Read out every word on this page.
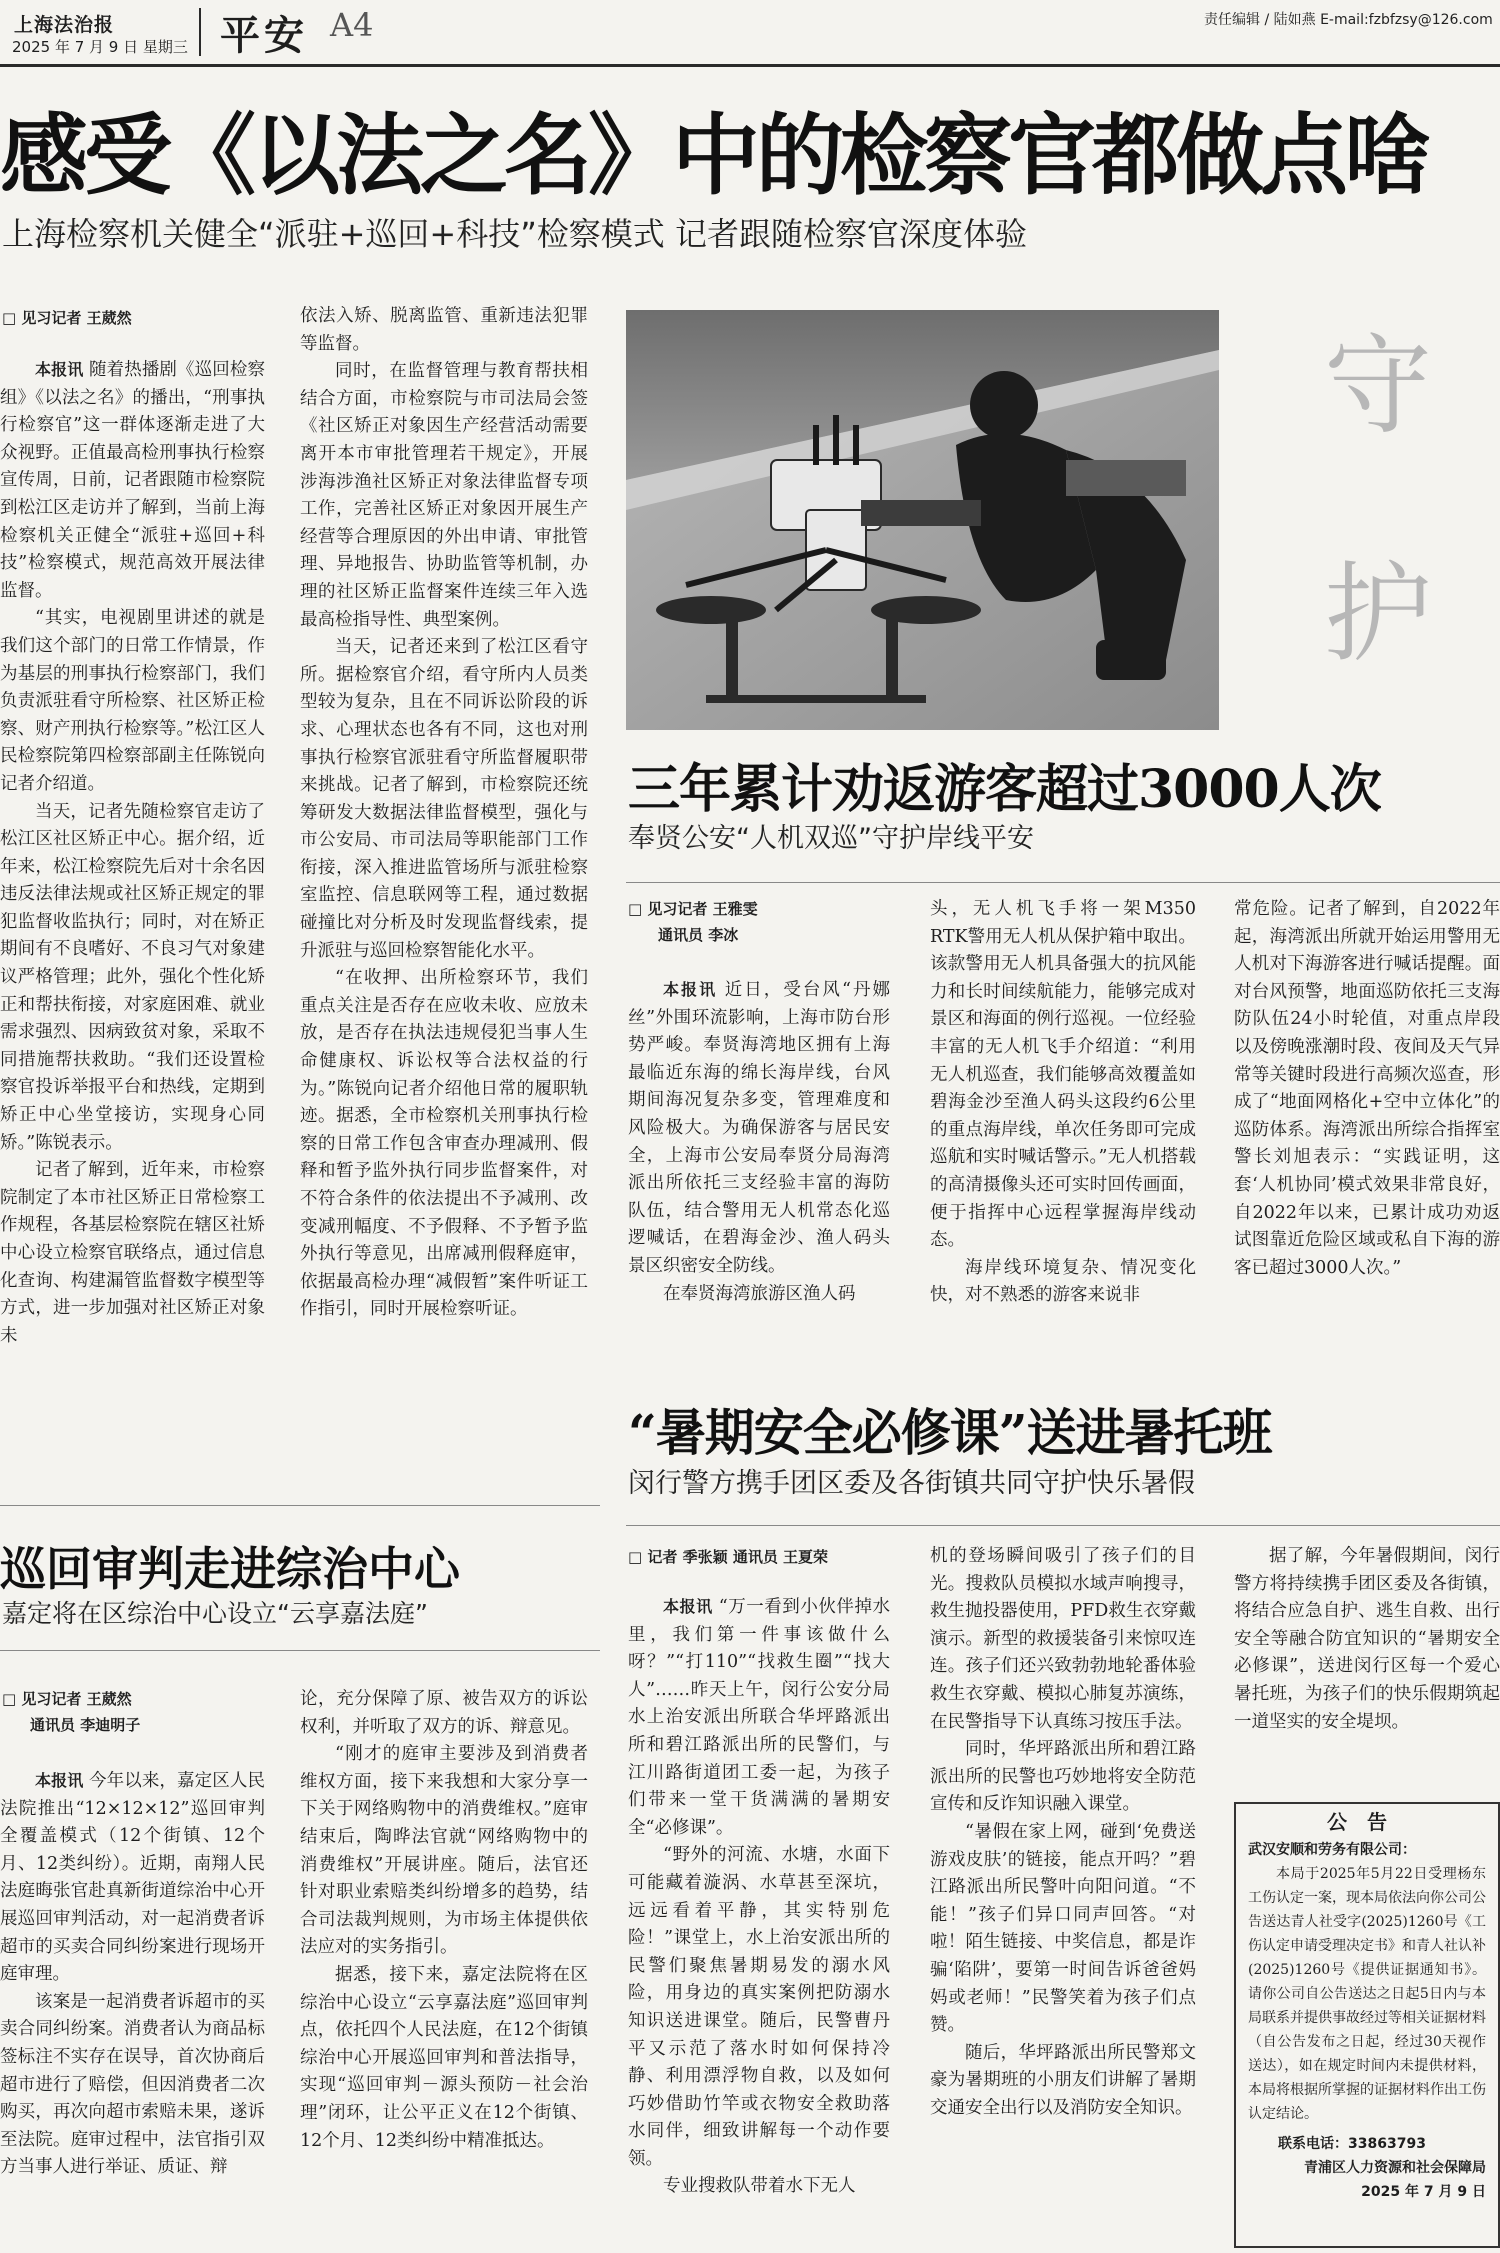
上海法治报
2025 年 7 月 9 日 星期三 平安 A4	责任编辑 / 陆如燕 E-mail:fzbfzsy@126.com
感受《以法之名》中的检察官都做点啥
上海检察机关健全“派驻+巡回+科技”检察模式 记者跟随检察官深度体验
□ 见习记者 王葳然

本报讯 随着热播剧《巡回检察组》《以法之名》的播出，“刑事执行检察官”这一群体逐渐走进了大众视野。正值最高检刑事执行检察宣传周，日前，记者跟随市检察院到松江区走访并了解到，当前上海检察机关正健全“派驻+巡回+科技”检察模式，规范高效开展法律监督。

“其实，电视剧里讲述的就是我们这个部门的日常工作情景，作为基层的刑事执行检察部门，我们负责派驻看守所检察、社区矫正检察、财产刑执行检察等。”松江区人民检察院第四检察部副主任陈锐向记者介绍道。

当天，记者先随检察官走访了松江区社区矫正中心。据介绍，近年来，松江检察院先后对十余名因违反法律法规或社区矫正规定的罪犯监督收监执行；同时，对在矫正期间有不良嗜好、不良习气对象建议严格管理；此外，强化个性化矫正和帮扶衔接，对家庭困难、就业需求强烈、因病致贫对象，采取不同措施帮扶救助。“我们还设置检察官投诉举报平台和热线，定期到矫正中心坐堂接访，实现身心同矫。”陈锐表示。

记者了解到，近年来，市检察院制定了本市社区矫正日常检察工作规程，各基层检察院在辖区社矫中心设立检察官联络点，通过信息化查询、构建漏管监督数字模型等方式，进一步加强对社区矫正对象未

依法入矫、脱离监管、重新违法犯罪等监督。

同时，在监督管理与教育帮扶相结合方面，市检察院与市司法局会签《社区矫正对象因生产经营活动需要离开本市审批管理若干规定》，开展涉海涉渔社区矫正对象法律监督专项工作，完善社区矫正对象因开展生产经营等合理原因的外出申请、审批管理、异地报告、协助监管等机制，办理的社区矫正监督案件连续三年入选最高检指导性、典型案例。

当天，记者还来到了松江区看守所。据检察官介绍，看守所内人员类型较为复杂，且在不同诉讼阶段的诉求、心理状态也各有不同，这也对刑事执行检察官派驻看守所监督履职带来挑战。记者了解到，市检察院还统筹研发大数据法律监督模型，强化与市公安局、市司法局等职能部门工作衔接，深入推进监管场所与派驻检察室监控、信息联网等工程，通过数据碰撞比对分析及时发现监督线索，提升派驻与巡回检察智能化水平。

“在收押、出所检察环节，我们重点关注是否存在应收未收、应放未放，是否存在执法违规侵犯当事人生命健康权、诉讼权等合法权益的行为。”陈锐向记者介绍他日常的履职轨迹。据悉，全市检察机关刑事执行检察的日常工作包含审查办理减刑、假释和暂予监外执行同步监督案件，对不符合条件的依法提出不予减刑、改变减刑幅度、不予假释、不予暂予监外执行等意见，出席减刑假释庭审，依据最高检办理“减假暂”案件听证工作指引，同时开展检察听证。

守
护
三年累计劝返游客超过3000人次
奉贤公安“人机双巡”守护岸线平安
□ 见习记者 王雅雯
通讯员 李冰

本报讯 近日，受台风“丹娜丝”外围环流影响，上海市防台形势严峻。奉贤海湾地区拥有上海最临近东海的绵长海岸线，台风期间海况复杂多变，管理难度和风险极大。为确保游客与居民安全，上海市公安局奉贤分局海湾派出所依托三支经验丰富的海防队伍，结合警用无人机常态化巡逻喊话，在碧海金沙、渔人码头景区织密安全防线。

在奉贤海湾旅游区渔人码

头，无人机飞手将一架M350 RTK警用无人机从保护箱中取出。该款警用无人机具备强大的抗风能力和长时间续航能力，能够完成对景区和海面的例行巡视。一位经验丰富的无人机飞手介绍道：“利用无人机巡查，我们能够高效覆盖如碧海金沙至渔人码头这段约6公里的重点海岸线，单次任务即可完成巡航和实时喊话警示。”无人机搭载的高清摄像头还可实时回传画面，便于指挥中心远程掌握海岸线动态。

海岸线环境复杂、情况变化快，对不熟悉的游客来说非

常危险。记者了解到，自2022年起，海湾派出所就开始运用警用无人机对下海游客进行喊话提醒。面对台风预警，地面巡防依托三支海防队伍24小时轮值，对重点岸段以及傍晚涨潮时段、夜间及天气异常等关键时段进行高频次巡查，形成了“地面网格化+空中立体化”的巡防体系。海湾派出所综合指挥室警长刘旭表示：“实践证明，这套‘人机协同’模式效果非常良好，自2022年以来，已累计成功劝返试图靠近危险区域或私自下海的游客已超过3000人次。”

“暑期安全必修课”送进暑托班
闵行警方携手团区委及各街镇共同守护快乐暑假
□ 记者 季张颖 通讯员 王夏荣

本报讯 “万一看到小伙伴掉水里，我们第一件事该做什么呀？”“打110”“找救生圈”“找大人”……昨天上午，闵行公安分局水上治安派出所联合华坪路派出所和碧江路派出所的民警们，与江川路街道团工委一起，为孩子们带来一堂干货满满的暑期安全“必修课”。

“野外的河流、水塘，水面下可能藏着漩涡、水草甚至深坑，远远看着平静，其实特别危险！”课堂上，水上治安派出所的民警们聚焦暑期易发的溺水风险，用身边的真实案例把防溺水知识送进课堂。随后，民警曹丹平又示范了落水时如何保持冷静、利用漂浮物自救，以及如何巧妙借助竹竿或衣物安全救助落水同伴，细致讲解每一个动作要领。

专业搜救队带着水下无人

机的登场瞬间吸引了孩子们的目光。搜救队员模拟水域声响搜寻，救生抛投器使用，PFD救生衣穿戴演示。新型的救援装备引来惊叹连连。孩子们还兴致勃勃地轮番体验救生衣穿戴、模拟心肺复苏演练，在民警指导下认真练习按压手法。

同时，华坪路派出所和碧江路派出所的民警也巧妙地将安全防范宣传和反诈知识融入课堂。

“暑假在家上网，碰到‘免费送游戏皮肤’的链接，能点开吗？”碧江路派出所民警叶向阳问道。“不能！”孩子们异口同声回答。“对啦！陌生链接、中奖信息，都是诈骗‘陷阱’，要第一时间告诉爸爸妈妈或老师！”民警笑着为孩子们点赞。

随后，华坪路派出所民警郑文豪为暑期班的小朋友们讲解了暑期交通安全出行以及消防安全知识。

据了解，今年暑假期间，闵行警方将持续携手团区委及各街镇，将结合应急自护、逃生自救、出行安全等融合防宜知识的“暑期安全必修课”，送进闵行区每一个爱心暑托班，为孩子们的快乐假期筑起一道坚实的安全堤坝。

公告
武汉安顺和劳务有限公司：

本局于2025年5月22日受理杨东工伤认定一案，现本局依法向你公司公告送达青人社受字(2025)1260号《工伤认定申请受理决定书》和青人社认补(2025)1260号《提供证据通知书》。请你公司自公告送达之日起5日内与本局联系并提供事故经过等相关证据材料（自公告发布之日起，经过30天视作送达），如在规定时间内未提供材料，本局将根据所掌握的证据材料作出工伤认定结论。

联系电话：33863793
青浦区人力资源和社会保障局
2025 年 7 月 9 日
巡回审判走进综治中心
嘉定将在区综治中心设立“云享嘉法庭”
□ 见习记者 王葳然
通讯员 李迪明子

本报讯 今年以来，嘉定区人民法院推出“12×12×12”巡回审判全覆盖模式（12个街镇、12个月、12类纠纷）。近期，南翔人民法庭晦张官赴真新街道综治中心开展巡回审判活动，对一起消费者诉超市的买卖合同纠纷案进行现场开庭审理。

该案是一起消费者诉超市的买卖合同纠纷案。消费者认为商品标签标注不实存在误导，首次协商后超市进行了赔偿，但因消费者二次购买，再次向超市索赔未果，遂诉至法院。庭审过程中，法官指引双方当事人进行举证、质证、辩

论，充分保障了原、被告双方的诉讼权利，并听取了双方的诉、辩意见。

“刚才的庭审主要涉及到消费者维权方面，接下来我想和大家分享一下关于网络购物中的消费维权。”庭审结束后，陶晔法官就“网络购物中的消费维权”开展讲座。随后，法官还针对职业索赔类纠纷增多的趋势，结合司法裁判规则，为市场主体提供依法应对的实务指引。

据悉，接下来，嘉定法院将在区综治中心设立“云享嘉法庭”巡回审判点，依托四个人民法庭，在12个街镇综治中心开展巡回审判和普法指导，实现“巡回审判－源头预防－社会治理”闭环，让公平正义在12个街镇、12个月、12类纠纷中精准抵达。
